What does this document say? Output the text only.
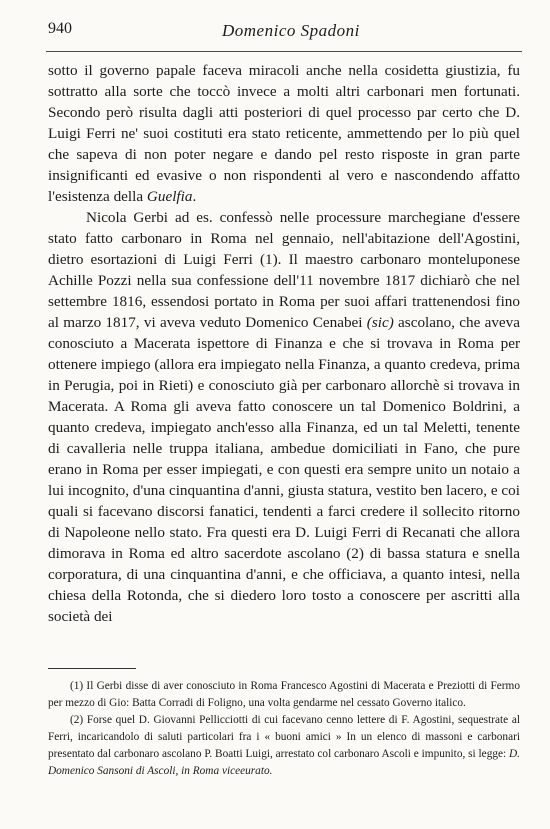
940	Domenico Spadoni

sotto il governo papale faceva miracoli anche nella cosidetta giustizia, fu sottratto alla sorte che toccò invece a molti altri carbonari men fortunati. Secondo però risulta dagli atti posteriori di quel processo par certo che D. Luigi Ferri ne' suoi costituti era stato reticente, ammettendo per lo più quel che sapeva di non poter negare e dando pel resto risposte in gran parte insignificanti ed evasive o non rispondenti al vero e nascondendo affatto l'esistenza della Guelfia.

Nicola Gerbi ad es. confessò nelle processure marchegiane d'essere stato fatto carbonaro in Roma nel gennaio, nell'abitazione dell'Agostini, dietro esortazioni di Luigi Ferri (1). Il maestro carbonaro monteluponese Achille Pozzi nella sua confessione dell'11 novembre 1817 dichiarò che nel settembre 1816, essendosi portato in Roma per suoi affari trattenendosi fino al marzo 1817, vi aveva veduto Domenico Cenabei (sic) ascolano, che aveva conosciuto a Macerata ispettore di Finanza e che si trovava in Roma per ottenere impiego (allora era impiegato nella Finanza, a quanto credeva, prima in Perugia, poi in Rieti) e conosciuto già per carbonaro allorchè si trovava in Macerata. A Roma gli aveva fatto conoscere un tal Domenico Boldrini, a quanto credeva, impiegato anch'esso alla Finanza, ed un tal Meletti, tenente di cavalleria nelle truppa italiana, ambedue domiciliati in Fano, che pure erano in Roma per esser impiegati, e con questi era sempre unito un notaio a lui incognito, d'una cinquantina d'anni, giusta statura, vestito ben lacero, e coi quali si facevano discorsi fanatici, tendenti a farci credere il sollecito ritorno di Napoleone nello stato. Fra questi era D. Luigi Ferri di Recanati che allora dimorava in Roma ed altro sacerdote ascolano (2) di bassa statura e snella corporatura, di una cinquantina d'anni, e che officiava, a quanto intesi, nella chiesa della Rotonda, che si diedero loro tosto a conoscere per ascritti alla società dei

(1) Il Gerbi disse di aver conosciuto in Roma Francesco Agostini di Macerata e Preziotti di Fermo per mezzo di Gio: Batta Corradi di Foligno, una volta gendarme nel cessato Governo italico.

(2) Forse quel D. Giovanni Pellicciotti di cui facevano cenno lettere di F. Agostini, sequestrate al Ferri, incaricandolo di saluti particolari fra i « buoni amici » In un elenco di massoni e carbonari presentato dal carbonaro ascolano P. Boatti Luigi, arrestato col carbonaro Ascoli e impunito, si legge: D. Domenico Sansoni di Ascoli, in Roma viceeurato.
